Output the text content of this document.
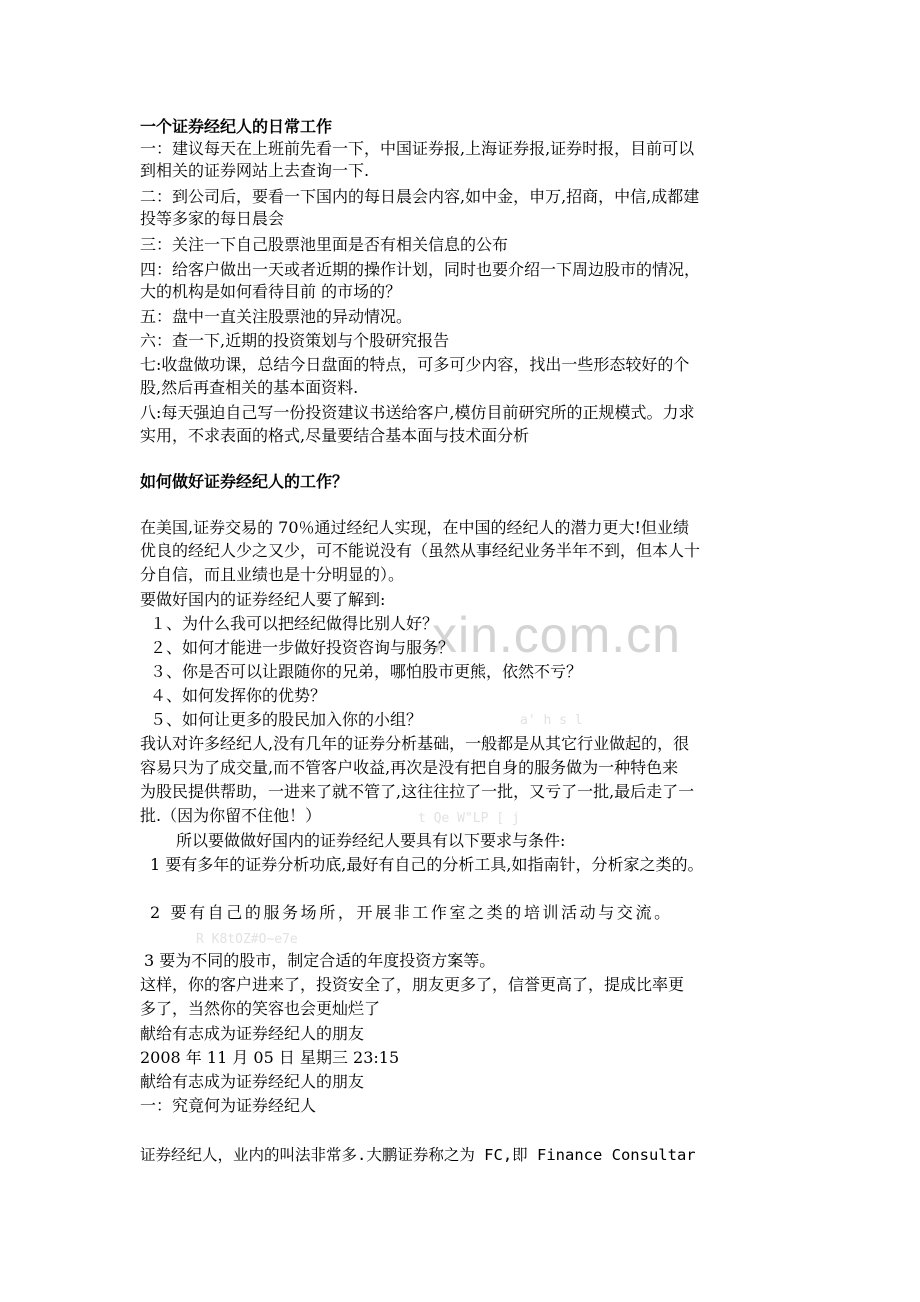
xin.com.cn
a' h s l
t Qe W"LP [ j
R K8tOZ#O~e7e
一个证券经纪人的日常工作
一：建议每天在上班前先看一下，中国证券报,上海证券报,证券时报，目前可以
到相关的证券网站上去查询一下.
二：到公司后，要看一下国内的每日晨会内容,如中金，申万,招商，中信,成都建
投等多家的每日晨会
三：关注一下自己股票池里面是否有相关信息的公布
四：给客户做出一天或者近期的操作计划，同时也要介绍一下周边股市的情况，
大的机构是如何看待目前 的市场的？
五：盘中一直关注股票池的异动情况。
六：查一下,近期的投资策划与个股研究报告
七:收盘做功课，总结今日盘面的特点，可多可少内容，找出一些形态较好的个
股,然后再查相关的基本面资料.
八:每天强迫自己写一份投资建议书送给客户,模仿目前研究所的正规模式。力求
实用，不求表面的格式,尽量要结合基本面与技术面分析
如何做好证券经纪人的工作？
在美国,证券交易的 70％通过经纪人实现，在中国的经纪人的潜力更大!但业绩
优良的经纪人少之又少，可不能说没有（虽然从事经纪业务半年不到，但本人十
分自信，而且业绩也是十分明显的）。
要做好国内的证券经纪人要了解到:
１、为什么我可以把经纪做得比别人好？
２、如何才能进一步做好投资咨询与服务？
３、你是否可以让跟随你的兄弟，哪怕股市更熊，依然不亏？
４、如何发挥你的优势？
５、如何让更多的股民加入你的小组？
我认对许多经纪人,没有几年的证券分析基础，一般都是从其它行业做起的，很
容易只为了成交量,而不管客户收益,再次是没有把自身的服务做为一种特色来
为股民提供帮助，一进来了就不管了,这往往拉了一批，又亏了一批,最后走了一
批.（因为你留不住他！）
所以要做做好国内的证券经纪人要具有以下要求与条件:
1 要有多年的证券分析功底,最好有自己的分析工具,如指南针，分析家之类的。
2 要有自己的服务场所，开展非工作室之类的培训活动与交流。
3 要为不同的股市，制定合适的年度投资方案等。
这样，你的客户进来了，投资安全了，朋友更多了，信誉更高了，提成比率更
多了，当然你的笑容也会更灿烂了
献给有志成为证券经纪人的朋友
2008 年 11 月 05 日 星期三 23:15
献给有志成为证券经纪人的朋友
一：究竟何为证券经纪人
证券经纪人，业内的叫法非常多.大鹏证券称之为 FC,即 Finance Consultar
